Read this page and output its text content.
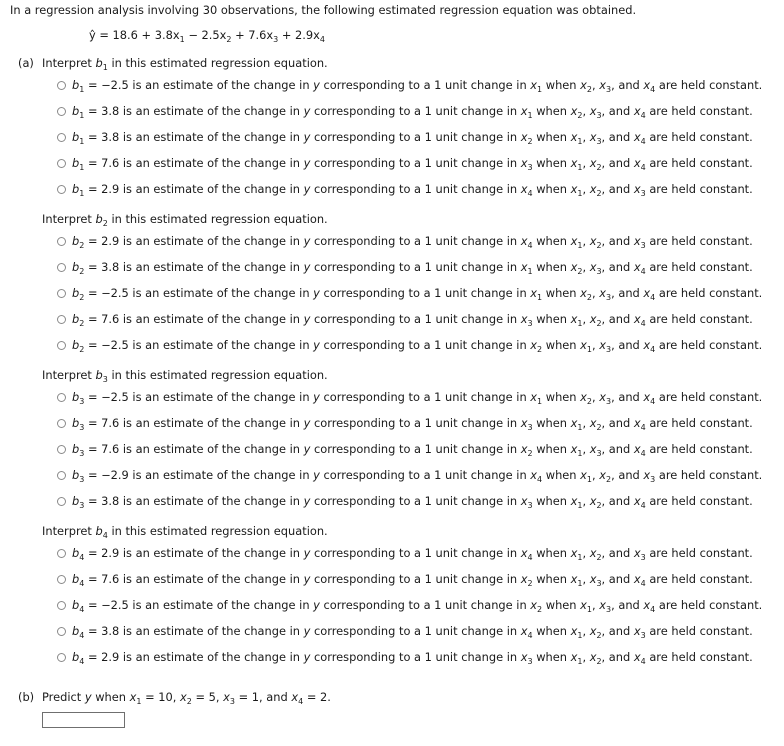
In a regression analysis involving 30 observations, the following estimated regression equation was obtained.
ŷ = $18.6 + 3.8x_1 - 2.5x_2 + 7.6x_3 + 2.9x_4$
(a) Interpret $b_1$ in this estimated regression equation.
$b_1 = -2.5$ is an estimate of the change in y corresponding to a 1 unit change in $x_1$ when $x_2$, $x_3$, and $x_4$ are held constant.
$b_1 = 3.8$ is an estimate of the change in y corresponding to a 1 unit change in $x_1$ when $x_2$, $x_3$, and $x_4$ are held constant.
$b_1 = 3.8$ is an estimate of the change in y corresponding to a 1 unit change in $x_2$ when $x_1$, $x_3$, and $x_4$ are held constant.
$b_1 = 7.6$ is an estimate of the change in y corresponding to a 1 unit change in $x_3$ when $x_1$, $x_2$, and $x_4$ are held constant.
$b_1 = 2.9$ is an estimate of the change in y corresponding to a 1 unit change in $x_4$ when $x_1$, $x_2$, and $x_3$ are held constant.
Interpret $b_2$ in this estimated regression equation.
$b_2 = 2.9$ is an estimate of the change in y corresponding to a 1 unit change in $x_4$ when $x_1$, $x_2$, and $x_3$ are held constant.
$b_2 = 3.8$ is an estimate of the change in y corresponding to a 1 unit change in $x_1$ when $x_2$, $x_3$, and $x_4$ are held constant.
$b_2 = -2.5$ is an estimate of the change in y corresponding to a 1 unit change in $x_1$ when $x_2$, $x_3$, and $x_4$ are held constant.
$b_2 = 7.6$ is an estimate of the change in y corresponding to a 1 unit change in $x_3$ when $x_1$, $x_2$, and $x_4$ are held constant.
$b_2 = -2.5$ is an estimate of the change in y corresponding to a 1 unit change in $x_2$ when $x_1$, $x_3$, and $x_4$ are held constant.
Interpret $b_3$ in this estimated regression equation.
$b_3 = -2.5$ is an estimate of the change in y corresponding to a 1 unit change in $x_1$ when $x_2$, $x_3$, and $x_4$ are held constant.
$b_3 = 7.6$ is an estimate of the change in y corresponding to a 1 unit change in $x_3$ when $x_1$, $x_2$, and $x_4$ are held constant.
$b_3 = 7.6$ is an estimate of the change in y corresponding to a 1 unit change in $x_2$ when $x_1$, $x_3$, and $x_4$ are held constant.
$b_3 = -2.9$ is an estimate of the change in y corresponding to a 1 unit change in $x_4$ when $x_1$, $x_2$, and $x_3$ are held constant.
$b_3 = 3.8$ is an estimate of the change in y corresponding to a 1 unit change in $x_3$ when $x_1$, $x_2$, and $x_4$ are held constant.
Interpret $b_4$ in this estimated regression equation.
$b_4 = 2.9$ is an estimate of the change in y corresponding to a 1 unit change in $x_4$ when $x_1$, $x_2$, and $x_3$ are held constant.
$b_4 = 7.6$ is an estimate of the change in y corresponding to a 1 unit change in $x_2$ when $x_1$, $x_3$, and $x_4$ are held constant.
$b_4 = -2.5$ is an estimate of the change in y corresponding to a 1 unit change in $x_2$ when $x_1$, $x_3$, and $x_4$ are held constant.
$b_4 = 3.8$ is an estimate of the change in y corresponding to a 1 unit change in $x_4$ when $x_1$, $x_2$, and $x_3$ are held constant.
$b_4 = 2.9$ is an estimate of the change in y corresponding to a 1 unit change in $x_3$ when $x_1$, $x_2$, and $x_4$ are held constant.
(b) Predict y when $x_1 = 10$, $x_2 = 5$, $x_3 = 1$, and $x_4 = 2$.
